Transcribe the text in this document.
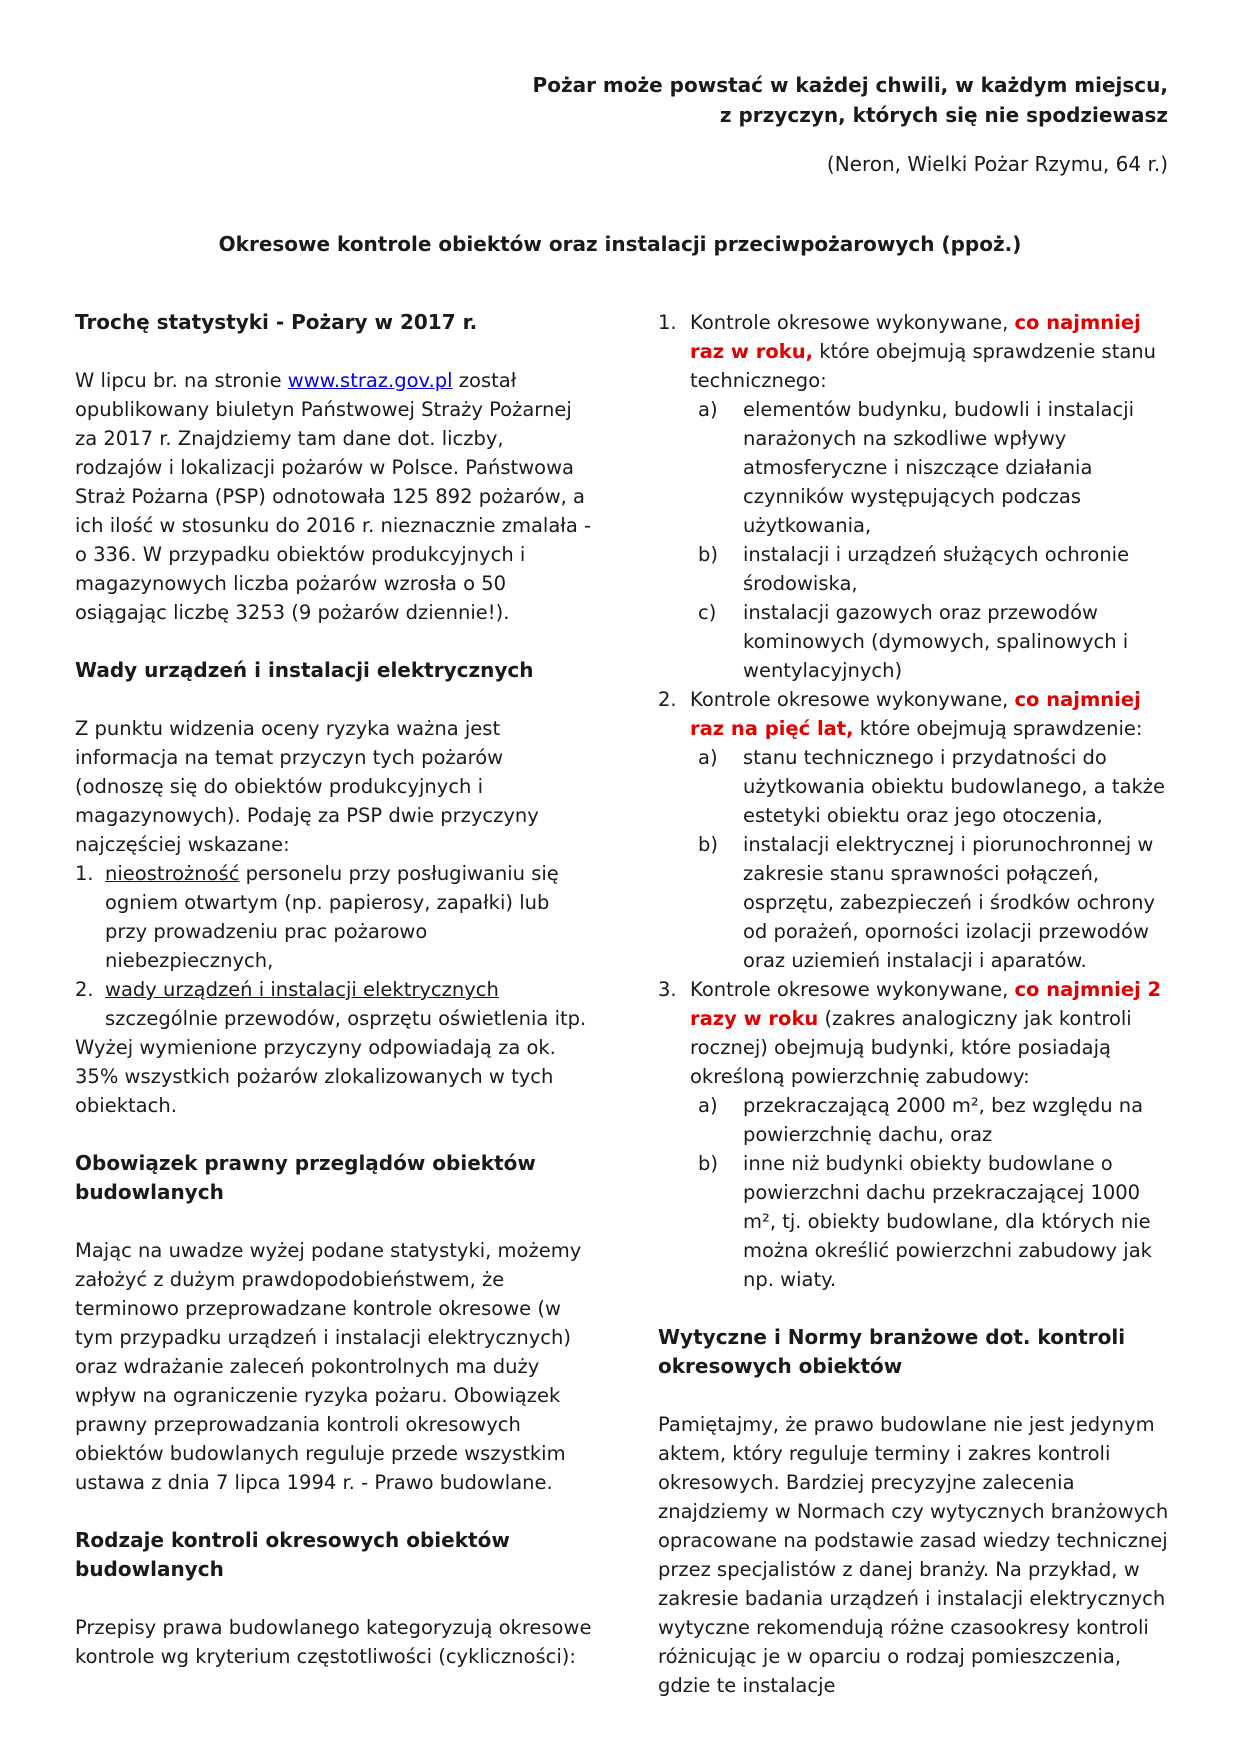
Pożar może powstać w każdej chwili, w każdym miejscu,
z przyczyn, których się nie spodziewasz
(Neron, Wielki Pożar Rzymu, 64 r.)
Okresowe kontrole obiektów oraz instalacji przeciwpożarowych (ppoż.)
Trochę statystyki - Pożary w 2017 r.
W lipcu br. na stronie www.straz.gov.pl został opublikowany biuletyn Państwowej Straży Pożarnej za 2017 r. Znajdziemy tam dane dot. liczby, rodzajów i lokalizacji pożarów w Polsce. Państwowa Straż Pożarna (PSP) odnotowała 125 892 pożarów, a ich ilość w stosunku do 2016 r. nieznacznie zmalała - o 336. W przypadku obiektów produkcyjnych i magazynowych liczba pożarów wzrosła o 50 osiągając liczbę 3253 (9 pożarów dziennie!).
Wady urządzeń i instalacji elektrycznych
Z punktu widzenia oceny ryzyka ważna jest informacja na temat przyczyn tych pożarów (odnoszę się do obiektów produkcyjnych i magazynowych). Podaję za PSP dwie przyczyny najczęściej wskazane:
1. nieostrożność personelu przy posługiwaniu się ogniem otwartym (np. papierosy, zapałki) lub przy prowadzeniu prac pożarowo niebezpiecznych,
2. wady urządzeń i instalacji elektrycznych szczególnie przewodów, osprzętu oświetlenia itp.
Wyżej wymienione przyczyny odpowiadają za ok. 35% wszystkich pożarów zlokalizowanych w tych obiektach.
Obowiązek prawny przeglądów obiektów budowlanych
Mając na uwadze wyżej podane statystyki, możemy założyć z dużym prawdopodobieństwem, że terminowo przeprowadzane kontrole okresowe (w tym przypadku urządzeń i instalacji elektrycznych) oraz wdrażanie zaleceń pokontrolnych ma duży wpływ na ograniczenie ryzyka pożaru. Obowiązek prawny przeprowadzania kontroli okresowych obiektów budowlanych reguluje przede wszystkim ustawa z dnia 7 lipca 1994 r. - Prawo budowlane.
Rodzaje kontroli okresowych obiektów budowlanych
Przepisy prawa budowlanego kategoryzują okresowe kontrole wg kryterium częstotliwości (cykliczności):
1. Kontrole okresowe wykonywane, co najmniej raz w roku, które obejmują sprawdzenie stanu technicznego:
a) elementów budynku, budowli i instalacji narażonych na szkodliwe wpływy atmosferyczne i niszczące działania czynników występujących podczas użytkowania,
b) instalacji i urządzeń służących ochronie środowiska,
c) instalacji gazowych oraz przewodów kominowych (dymowych, spalinowych i wentylacyjnych)
2. Kontrole okresowe wykonywane, co najmniej raz na pięć lat, które obejmują sprawdzenie:
a) stanu technicznego i przydatności do użytkowania obiektu budowlanego, a także estetyki obiektu oraz jego otoczenia,
b) instalacji elektrycznej i piorunochronnej w zakresie stanu sprawności połączeń, osprzętu, zabezpieczeń i środków ochrony od porażeń, oporności izolacji przewodów oraz uziemień instalacji i aparatów.
3. Kontrole okresowe wykonywane, co najmniej 2 razy w roku (zakres analogiczny jak kontroli rocznej) obejmują budynki, które posiadają określoną powierzchnię zabudowy:
a) przekraczającą 2000 m², bez względu na powierzchnię dachu, oraz
b) inne niż budynki obiekty budowlane o powierzchni dachu przekraczającej 1000 m², tj. obiekty budowlane, dla których nie można określić powierzchni zabudowy jak np. wiaty.
Wytyczne i Normy branżowe dot. kontroli okresowych obiektów
Pamiętajmy, że prawo budowlane nie jest jedynym aktem, który reguluje terminy i zakres kontroli okresowych. Bardziej precyzyjne zalecenia znajdziemy w Normach czy wytycznych branżowych opracowane na podstawie zasad wiedzy technicznej przez specjalistów z danej branży. Na przykład, w zakresie badania urządzeń i instalacji elektrycznych wytyczne rekomendują różne czasookresy kontroli różnicując je w oparciu o rodzaj pomieszczenia, gdzie te instalacje
